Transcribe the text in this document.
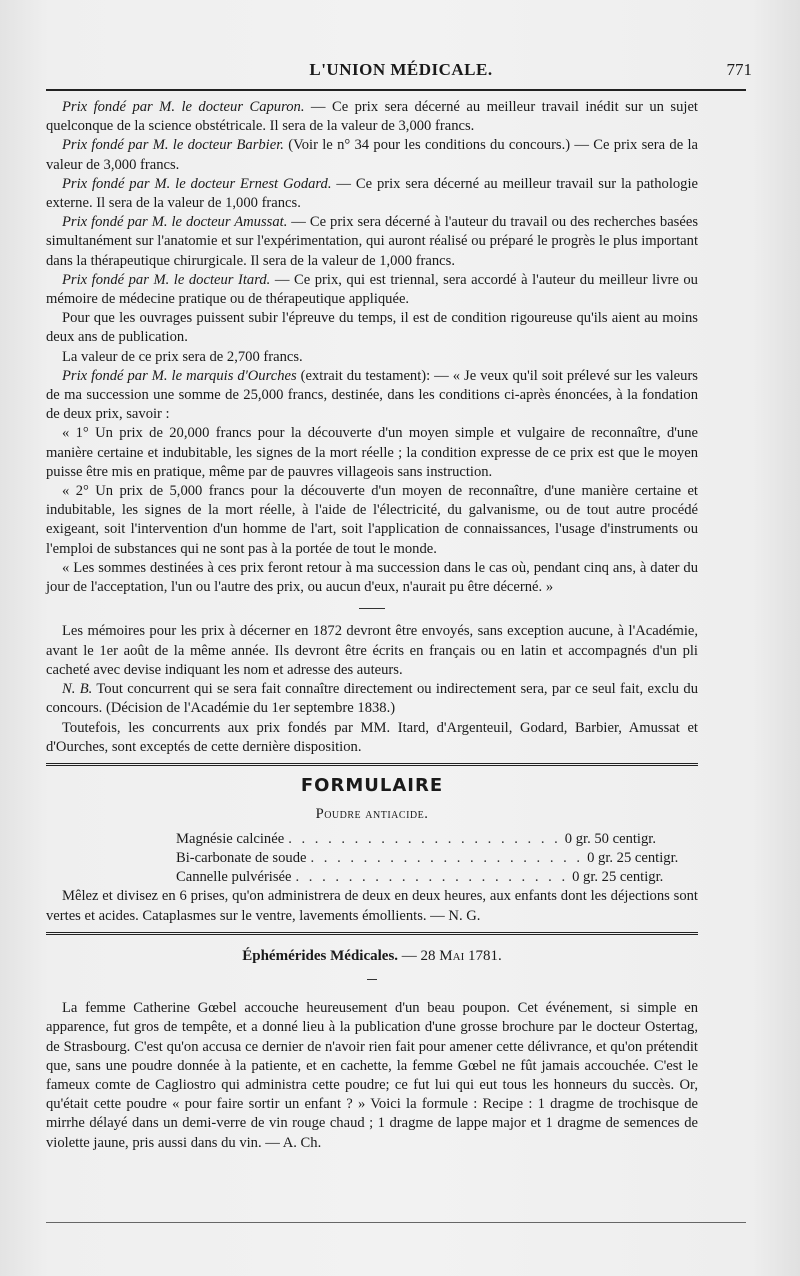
L'UNION MÉDICALE.	771

Prix fondé par M. le docteur Capuron. — Ce prix sera décerné au meilleur travail inédit sur un sujet quelconque de la science obstétricale. Il sera de la valeur de 3,000 francs.

Prix fondé par M. le docteur Barbier. (Voir le n° 34 pour les conditions du concours.) — Ce prix sera de la valeur de 3,000 francs.

Prix fondé par M. le docteur Ernest Godard. — Ce prix sera décerné au meilleur travail sur la pathologie externe. Il sera de la valeur de 1,000 francs.

Prix fondé par M. le docteur Amussat. — Ce prix sera décerné à l'auteur du travail ou des recherches basées simultanément sur l'anatomie et sur l'expérimentation, qui auront réalisé ou préparé le progrès le plus important dans la thérapeutique chirurgicale. Il sera de la valeur de 1,000 francs.

Prix fondé par M. le docteur Itard. — Ce prix, qui est triennal, sera accordé à l'auteur du meilleur livre ou mémoire de médecine pratique ou de thérapeutique appliquée.

Pour que les ouvrages puissent subir l'épreuve du temps, il est de condition rigoureuse qu'ils aient au moins deux ans de publication.

La valeur de ce prix sera de 2,700 francs.

Prix fondé par M. le marquis d'Ourches (extrait du testament): — « Je veux qu'il soit prélevé sur les valeurs de ma succession une somme de 25,000 francs, destinée, dans les conditions ci-après énoncées, à la fondation de deux prix, savoir :

« 1° Un prix de 20,000 francs pour la découverte d'un moyen simple et vulgaire de reconnaître, d'une manière certaine et indubitable, les signes de la mort réelle ; la condition expresse de ce prix est que le moyen puisse être mis en pratique, même par de pauvres villageois sans instruction.

« 2° Un prix de 5,000 francs pour la découverte d'un moyen de reconnaître, d'une manière certaine et indubitable, les signes de la mort réelle, à l'aide de l'électricité, du galvanisme, ou de tout autre procédé exigeant, soit l'intervention d'un homme de l'art, soit l'application de connaissances, l'usage d'instruments ou l'emploi de substances qui ne sont pas à la portée de tout le monde.

« Les sommes destinées à ces prix feront retour à ma succession dans le cas où, pendant cinq ans, à dater du jour de l'acceptation, l'un ou l'autre des prix, ou aucun d'eux, n'aurait pu être décerné. »

Les mémoires pour les prix à décerner en 1872 devront être envoyés, sans exception aucune, à l'Académie, avant le 1er août de la même année. Ils devront être écrits en français ou en latin et accompagnés d'un pli cacheté avec devise indiquant les nom et adresse des auteurs.

N. B. Tout concurrent qui se sera fait connaître directement ou indirectement sera, par ce seul fait, exclu du concours. (Décision de l'Académie du 1er septembre 1838.)

Toutefois, les concurrents aux prix fondés par MM. Itard, d'Argenteuil, Godard, Barbier, Amussat et d'Ourches, sont exceptés de cette dernière disposition.

FORMULAIRE
Poudre antiacide.
Magnésie calcinée . . . . . . . . . . . . . . . . . . . . . 0 gr. 50 centigr.
Bi-carbonate de soude . . . . . . . . . . . . . . . . . . . . . 0 gr. 25 centigr.
Cannelle pulvérisée . . . . . . . . . . . . . . . . . . . . . 0 gr. 25 centigr.

Mêlez et divisez en 6 prises, qu'on administrera de deux en deux heures, aux enfants dont les déjections sont vertes et acides. Cataplasmes sur le ventre, lavements émollients. — N. G.

Éphémérides Médicales. — 28 Mai 1781.

La femme Catherine Gœbel accouche heureusement d'un beau poupon. Cet événement, si simple en apparence, fut gros de tempête, et a donné lieu à la publication d'une grosse brochure par le docteur Ostertag, de Strasbourg. C'est qu'on accusa ce dernier de n'avoir rien fait pour amener cette délivrance, et qu'on prétendit que, sans une poudre donnée à la patiente, et en cachette, la femme Gœbel ne fût jamais accouchée. C'est le fameux comte de Cagliostro qui administra cette poudre; ce fut lui qui eut tous les honneurs du succès. Or, qu'était cette poudre « pour faire sortir un enfant ? » Voici la formule : Recipe : 1 dragme de trochisque de mirrhe délayé dans un demi-verre de vin rouge chaud ; 1 dragme de lappe major et 1 dragme de semences de violette jaune, pris aussi dans du vin. — A. Ch.
